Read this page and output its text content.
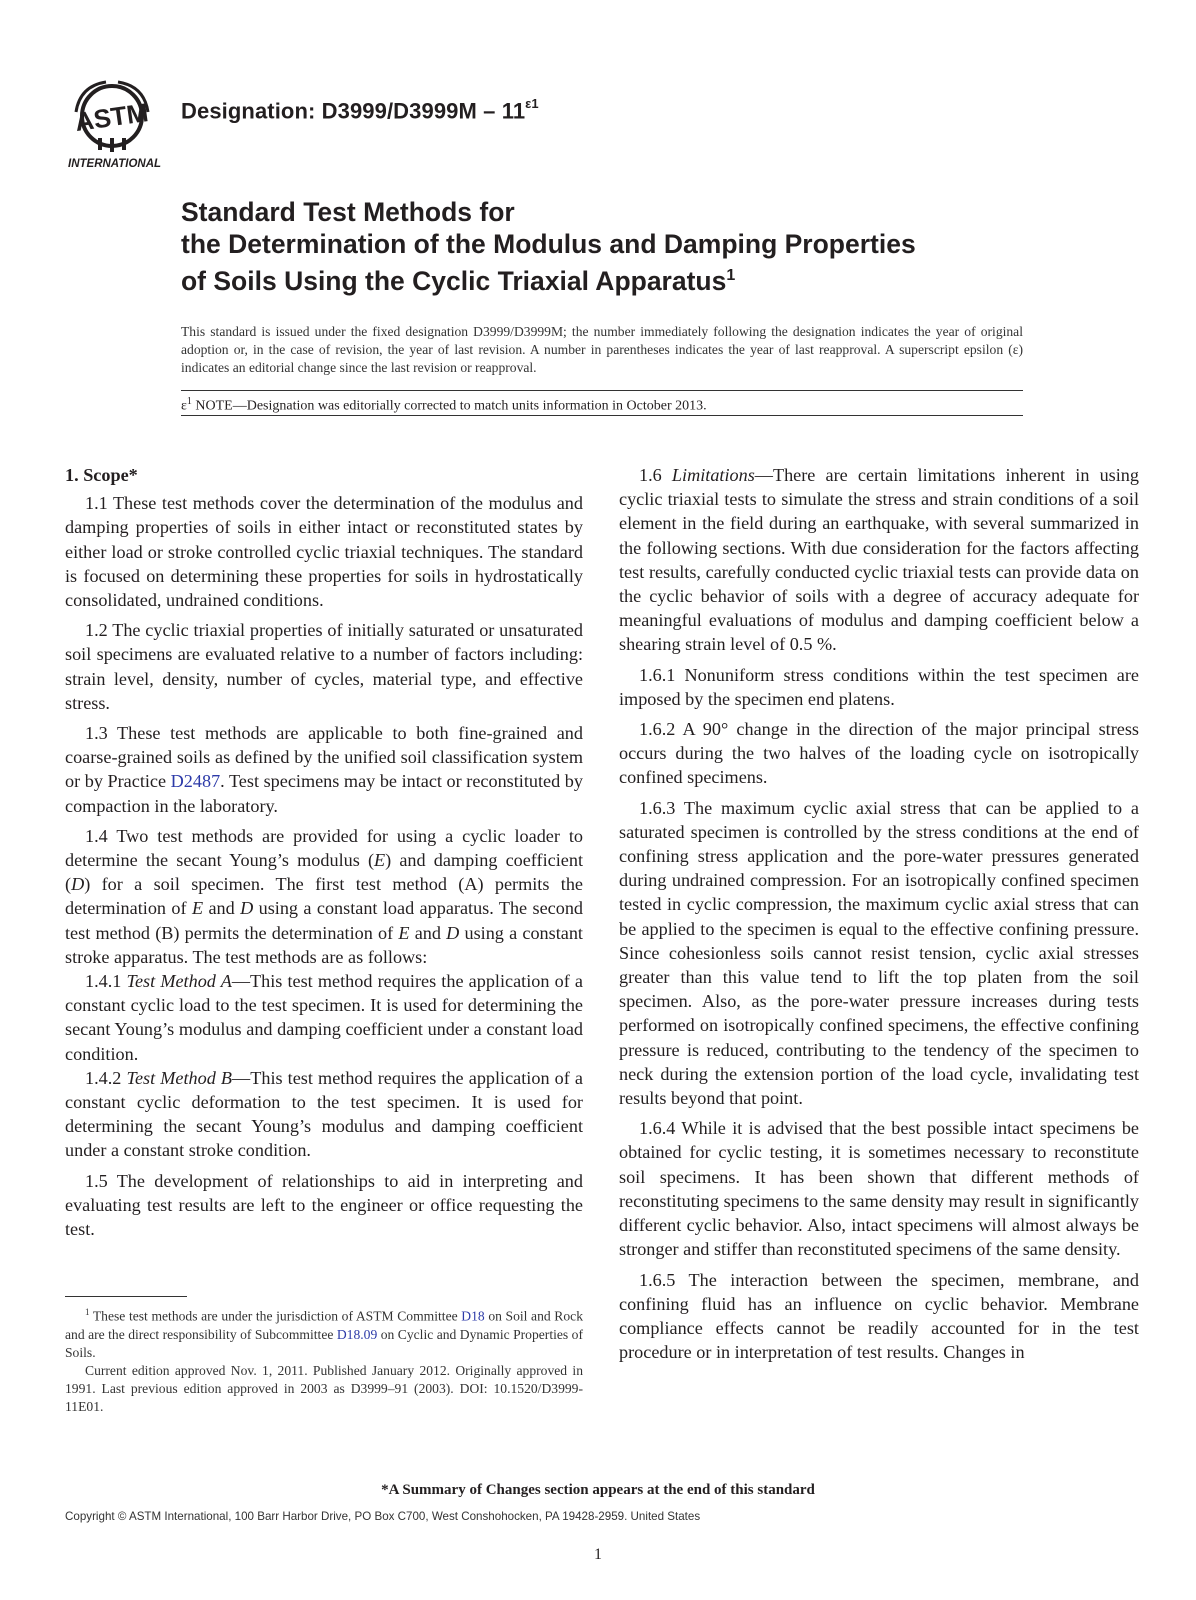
ASTM
INTERNATIONAL
Designation: $D3999/D3999M - 11^{\varepsilon 1}$
Standard Test Methods for
the Determination of the Modulus and Damping Properties
of Soils Using the Cyclic Triaxial Apparatus$^1$
This standard is issued under the fixed designation D3999/D3999M; the number immediately following the designation indicates the year of original adoption or, in the case of revision, the year of last revision. A number in parentheses indicates the year of last reapproval. A superscript epsilon (ε) indicates an editorial change since the last revision or reapproval.
$\varepsilon^1$ NOTE—Designation was editorially corrected to match units information in October 2013.

1. Scope*

1.1 These test methods cover the determination of the modulus and damping properties of soils in either intact or reconstituted states by either load or stroke controlled cyclic triaxial techniques. The standard is focused on determining these properties for soils in hydrostatically consolidated, undrained conditions.

1.2 The cyclic triaxial properties of initially saturated or unsaturated soil specimens are evaluated relative to a number of factors including: strain level, density, number of cycles, material type, and effective stress.

1.3 These test methods are applicable to both fine-grained and coarse-grained soils as defined by the unified soil classification system or by Practice D2487. Test specimens may be intact or reconstituted by compaction in the laboratory.

1.4 Two test methods are provided for using a cyclic loader to determine the secant Young’s modulus (E) and damping coefficient (D) for a soil specimen. The first test method (A) permits the determination of E and D using a constant load apparatus. The second test method (B) permits the determination of E and D using a constant stroke apparatus. The test methods are as follows:

1.4.1 Test Method A—This test method requires the application of a constant cyclic load to the test specimen. It is used for determining the secant Young’s modulus and damping coefficient under a constant load condition.

1.4.2 Test Method B—This test method requires the application of a constant cyclic deformation to the test specimen. It is used for determining the secant Young’s modulus and damping coefficient under a constant stroke condition.

1.5 The development of relationships to aid in interpreting and evaluating test results are left to the engineer or office requesting the test.

$^1$ These test methods are under the jurisdiction of ASTM Committee D18 on Soil and Rock and are the direct responsibility of Subcommittee D18.09 on Cyclic and Dynamic Properties of Soils.

Current edition approved Nov. 1, 2011. Published January 2012. Originally approved in 1991. Last previous edition approved in 2003 as D3999–91 (2003). DOI: 10.1520/D3999-11E01.

1.6 Limitations—There are certain limitations inherent in using cyclic triaxial tests to simulate the stress and strain conditions of a soil element in the field during an earthquake, with several summarized in the following sections. With due consideration for the factors affecting test results, carefully conducted cyclic triaxial tests can provide data on the cyclic behavior of soils with a degree of accuracy adequate for meaningful evaluations of modulus and damping coefficient below a shearing strain level of 0.5 %.

1.6.1 Nonuniform stress conditions within the test specimen are imposed by the specimen end platens.

1.6.2 A 90° change in the direction of the major principal stress occurs during the two halves of the loading cycle on isotropically confined specimens.

1.6.3 The maximum cyclic axial stress that can be applied to a saturated specimen is controlled by the stress conditions at the end of confining stress application and the pore-water pressures generated during undrained compression. For an isotropically confined specimen tested in cyclic compression, the maximum cyclic axial stress that can be applied to the specimen is equal to the effective confining pressure. Since cohesionless soils cannot resist tension, cyclic axial stresses greater than this value tend to lift the top platen from the soil specimen. Also, as the pore-water pressure increases during tests performed on isotropically confined specimens, the effective confining pressure is reduced, contributing to the tendency of the specimen to neck during the extension portion of the load cycle, invalidating test results beyond that point.

1.6.4 While it is advised that the best possible intact specimens be obtained for cyclic testing, it is sometimes necessary to reconstitute soil specimens. It has been shown that different methods of reconstituting specimens to the same density may result in significantly different cyclic behavior. Also, intact specimens will almost always be stronger and stiffer than reconstituted specimens of the same density.

1.6.5 The interaction between the specimen, membrane, and confining fluid has an influence on cyclic behavior. Membrane compliance effects cannot be readily accounted for in the test procedure or in interpretation of test results. Changes in

*A Summary of Changes section appears at the end of this standard
Copyright © ASTM International, 100 Barr Harbor Drive, PO Box C700, West Conshohocken, PA 19428-2959. United States
1
